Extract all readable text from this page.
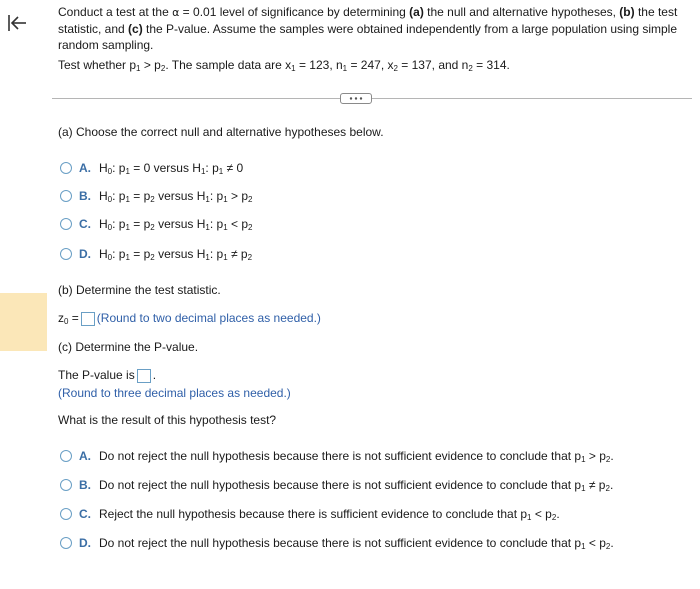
Conduct a test at the α = 0.01 level of significance by determining (a) the null and alternative hypotheses, (b) the test statistic, and (c) the P-value. Assume the samples were obtained independently from a large population using simple random sampling.

Test whether $p_1 > p_2$. The sample data are $x_1 = 123$, $n_1 = 247$, $x_2 = 137$, and $n_2 = 314$.

(a) Choose the correct null and alternative hypotheses below.
A. $H_0$: $p_1 = 0$ versus $H_1$: $p_1 \ne 0$
B. $H_0$: $p_1 = p_2$ versus $H_1$: $p_1 > p_2$
C. $H_0$: $p_1 = p_2$ versus $H_1$: $p_1 < p_2$
D. $H_0$: $p_1 = p_2$ versus $H_1$: $p_1 \ne p_2$
(b) Determine the test statistic.
$z_0$ = (Round to two decimal places as needed.)
(c) Determine the P-value.
The P-value is .
(Round to three decimal places as needed.)
What is the result of this hypothesis test?
A. Do not reject the null hypothesis because there is not sufficient evidence to conclude that $p_1 > p_2$.
B. Do not reject the null hypothesis because there is not sufficient evidence to conclude that $p_1 \ne p_2$.
C. Reject the null hypothesis because there is sufficient evidence to conclude that $p_1 < p_2$.
D. Do not reject the null hypothesis because there is not sufficient evidence to conclude that $p_1 < p_2$.
